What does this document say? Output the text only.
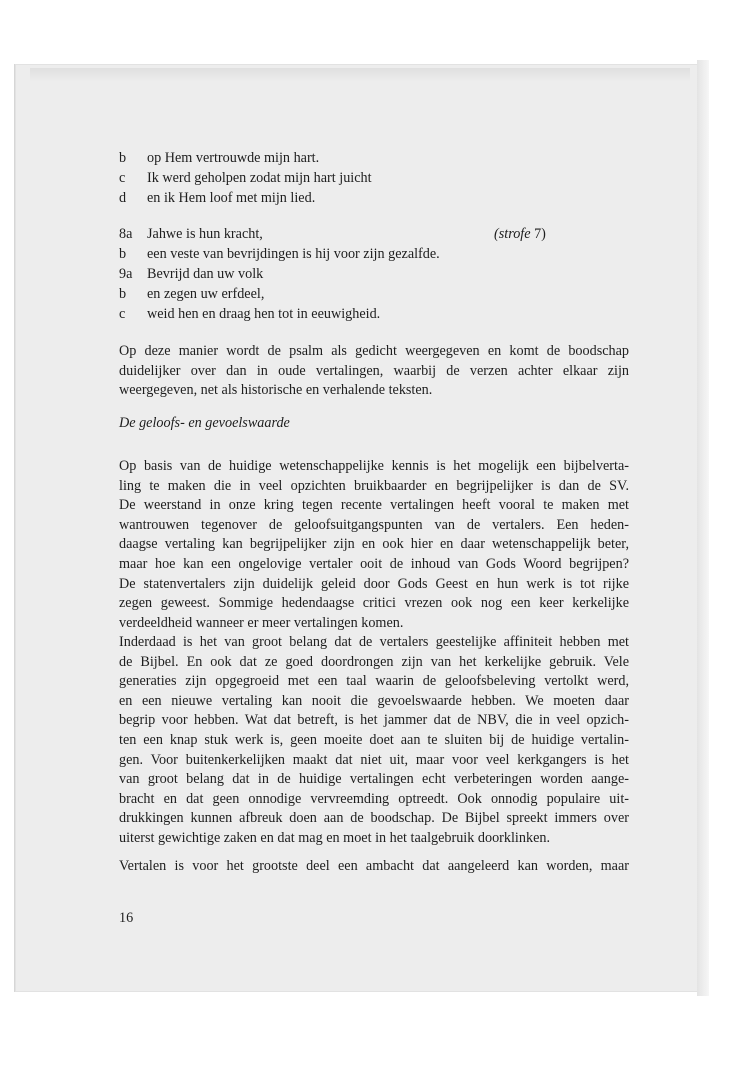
b	op Hem vertrouwde mijn hart.
c	Ik werd geholpen zodat mijn hart juicht
d	en ik Hem loof met mijn lied.
8a	Jahwe is hun kracht,	(strofe 7)
b	een veste van bevrijdingen is hij voor zijn gezalfde.
9a	Bevrijd dan uw volk
b	en zegen uw erfdeel,
c	weid hen en draag hen tot in eeuwigheid.
Op deze manier wordt de psalm als gedicht weergegeven en komt de boodschap
duidelijker over dan in oude vertalingen, waarbij de verzen achter elkaar zijn
weergegeven, net als historische en verhalende teksten.
De geloofs- en gevoelswaarde
Op basis van de huidige wetenschappelijke kennis is het mogelijk een bijbelverta-
ling te maken die in veel opzichten bruikbaarder en begrijpelijker is dan de SV.
De weerstand in onze kring tegen recente vertalingen heeft vooral te maken met
wantrouwen tegenover de geloofsuitgangspunten van de vertalers. Een heden-
daagse vertaling kan begrijpelijker zijn en ook hier en daar wetenschappelijk beter,
maar hoe kan een ongelovige vertaler ooit de inhoud van Gods Woord begrijpen?
De statenvertalers zijn duidelijk geleid door Gods Geest en hun werk is tot rijke
zegen geweest. Sommige hedendaagse critici vrezen ook nog een keer kerkelijke
verdeeldheid wanneer er meer vertalingen komen.
Inderdaad is het van groot belang dat de vertalers geestelijke affiniteit hebben met
de Bijbel. En ook dat ze goed doordrongen zijn van het kerkelijke gebruik. Vele
generaties zijn opgegroeid met een taal waarin de geloofsbeleving vertolkt werd,
en een nieuwe vertaling kan nooit die gevoelswaarde hebben. We moeten daar
begrip voor hebben. Wat dat betreft, is het jammer dat de NBV, die in veel opzich-
ten een knap stuk werk is, geen moeite doet aan te sluiten bij de huidige vertalin-
gen. Voor buitenkerkelijken maakt dat niet uit, maar voor veel kerkgangers is het
van groot belang dat in de huidige vertalingen echt verbeteringen worden aange-
bracht en dat geen onnodige vervreemding optreedt. Ook onnodig populaire uit-
drukkingen kunnen afbreuk doen aan de boodschap. De Bijbel spreekt immers over
uiterst gewichtige zaken en dat mag en moet in het taalgebruik doorklinken.
Vertalen is voor het grootste deel een ambacht dat aangeleerd kan worden, maar
16
